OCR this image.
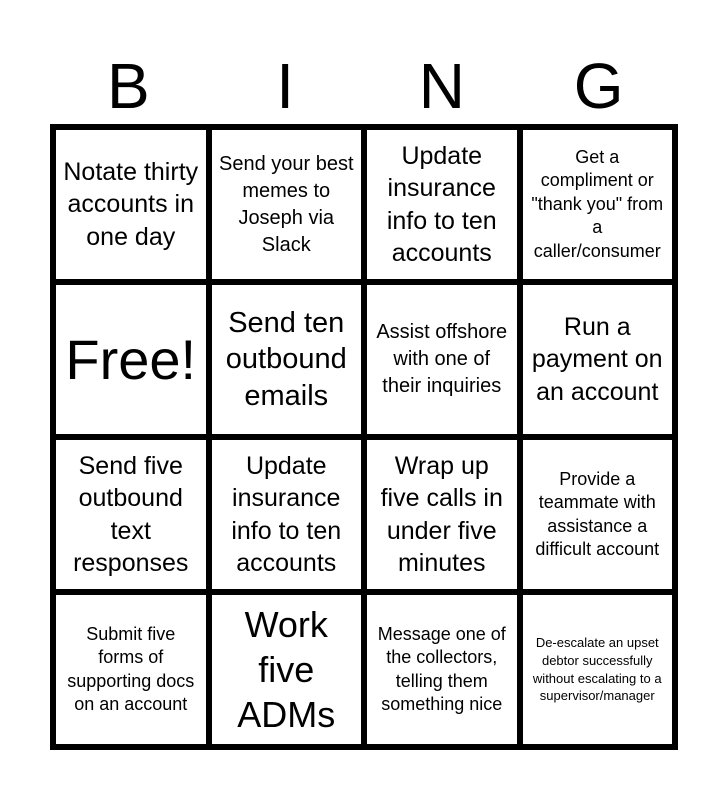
B	I	N	G
Notate thirty accounts in one day
Send your best memes to Joseph via Slack
Update insurance info to ten accounts
Get a compliment or "thank you" from a caller/consumer
Free!
Send ten outbound emails
Assist offshore with one of their inquiries
Run a payment on an account
Send five outbound text responses
Update insurance info to ten accounts
Wrap up five calls in under five minutes
Provide a teammate with assistance a difficult account
Submit five forms of supporting docs on an account
Work five ADMs
Message one of the collectors, telling them something nice
De-escalate an upset debtor successfully without escalating to a supervisor/manager
